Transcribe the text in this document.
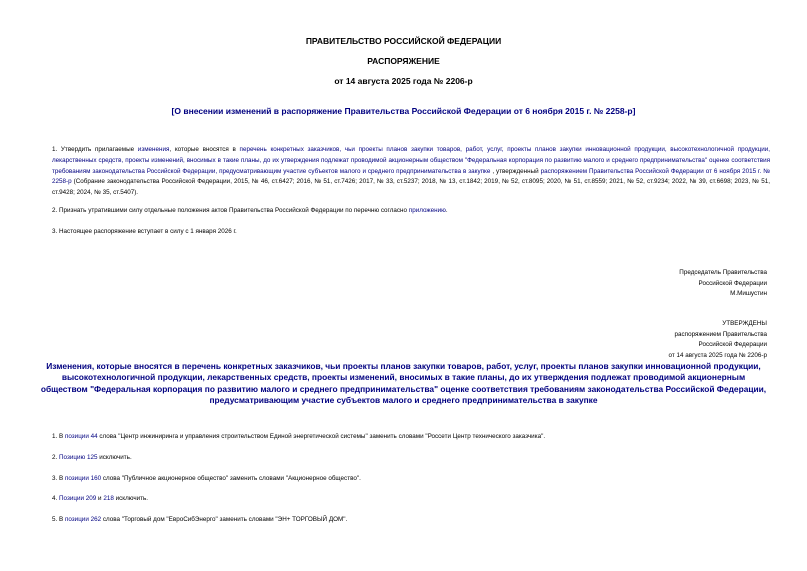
ПРАВИТЕЛЬСТВО РОССИЙСКОЙ ФЕДЕРАЦИИ
РАСПОРЯЖЕНИЕ
от 14 августа 2025 года № 2206-р
[О внесении изменений в распоряжение Правительства Российской Федерации от 6 ноября 2015 г. № 2258-р]
1. Утвердить прилагаемые изменения, которые вносятся в перечень конкретных заказчиков, чьи проекты планов закупки товаров, работ, услуг, проекты планов закупки инновационной продукции, высокотехнологичной продукции, лекарственных средств, проекты изменений, вносимых в такие планы, до их утверждения подлежат проводимой акционерным обществом "Федеральная корпорация по развитию малого и среднего предпринимательства" оценке соответствия требованиям законодательства Российской Федерации, предусматривающим участие субъектов малого и среднего предпринимательства в закупке , утвержденный распоряжением Правительства Российской Федерации от 6 ноября 2015 г. № 2258-р (Собрание законодательства Российской Федерации, 2015, № 46, ст.6427; 2016, № 51, ст.7426; 2017, № 33, ст.5237; 2018, № 13, ст.1842; 2019, № 52, ст.8095; 2020, № 51, ст.8559; 2021, № 52, ст.9234; 2022, № 39, ст.6698; 2023, № 51, ст.9428; 2024, № 35, ст.5407).
2. Признать утратившими силу отдельные положения актов Правительства Российской Федерации по перечню согласно приложению.
3. Настоящее распоряжение вступает в силу с 1 января 2026 г.
Председатель Правительства
Российской Федерации
М.Мишустин
УТВЕРЖДЕНЫ
распоряжением Правительства
Российской Федерации
от 14 августа 2025 года № 2206-р
Изменения, которые вносятся в перечень конкретных заказчиков, чьи проекты планов закупки товаров, работ, услуг, проекты планов закупки инновационной продукции, высокотехнологичной продукции, лекарственных средств, проекты изменений, вносимых в такие планы, до их утверждения подлежат проводимой акционерным обществом "Федеральная корпорация по развитию малого и среднего предпринимательства" оценке соответствия требованиям законодательства Российской Федерации, предусматривающим участие субъектов малого и среднего предпринимательства в закупке
1. В позиции 44 слова "Центр инжиниринга и управления строительством Единой энергетической системы" заменить словами "Россети Центр технического заказчика".
2. Позицию 125 исключить.
3. В позиции 160 слова "Публичное акционерное общество" заменить словами "Акционерное общество".
4. Позиции 209 и 218 исключить.
5. В позиции 262 слова "Торговый дом "ЕвроСибЭнерго" заменить словами "ЭН+ ТОРГОВЫЙ ДОМ".
